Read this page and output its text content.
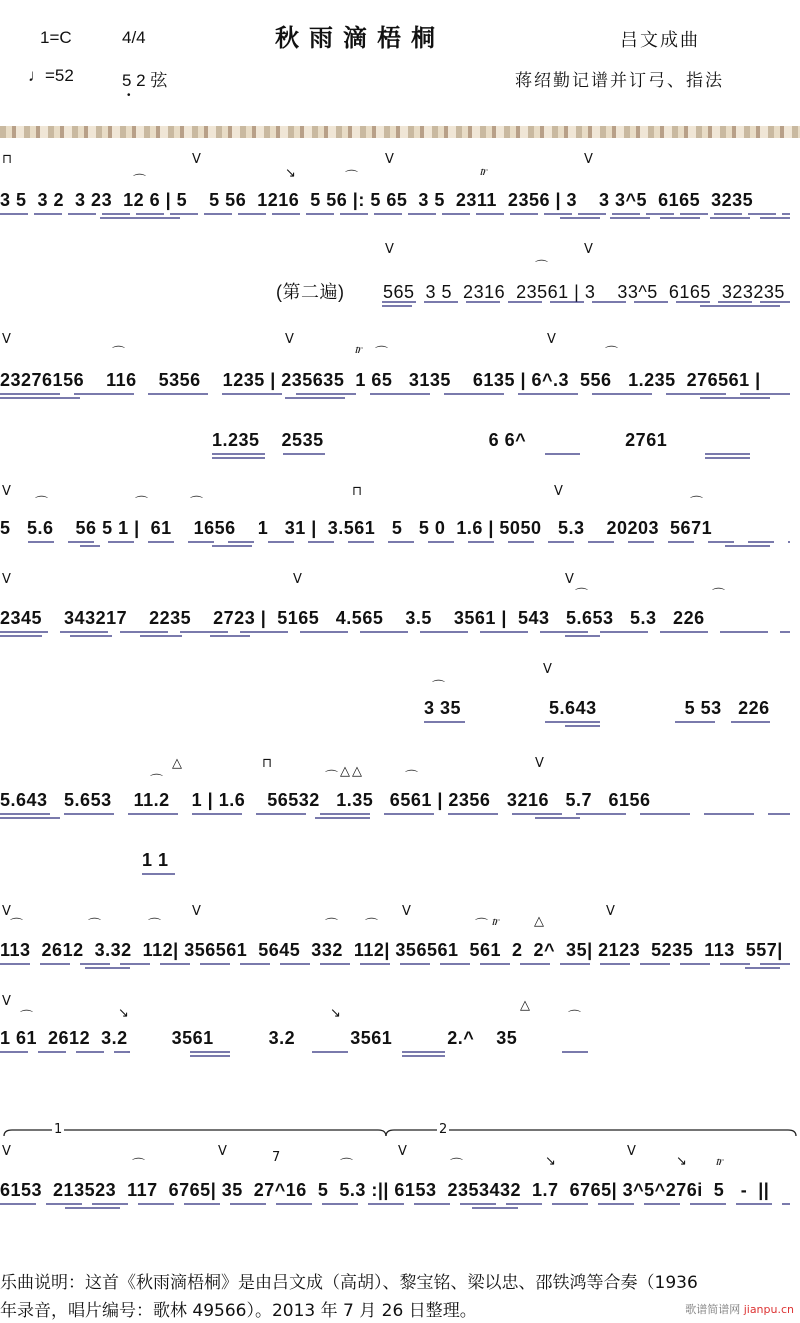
1=C	4/4	秋雨滴梧桐	吕文成曲
♩=52	5 2 弦
•
蒋绍勤记谱并订弓、指法
⊓
⌒
V
↘	⌒
V
𝆖
V
3 5  3 2  3 23  12 6 | 5    5 56  1216  5 56 |: 5 65  3 5  2311  2356 | 3    3 3^5  6165  3235
V
⌒
V
(第二遍)       565  3 5  2316  23561 | 3    33^5  6165  323235
V
⌒
V
𝆖 ⌒
V
⌒
23276156    116    5356    1235 | 235635  1 65   3135    6135 | 6^.3  556   1.235  276561 |
1.235    2535                              6 6^                  2761
V
⌒	⌒	⌒
⊓	V
⌒
5   5.6    56 5 1 |  61    1656    1   31 |  3.561   5   5 0  1.6 | 5050   5.3    20203  5671
V	V	V
⌒	⌒
2345    343217    2235    2723 |  5165   4.565    3.5    3561 |  543   5.653   5.3   226
⌒
V
3 35                5.643                5 53   226
⌒
△	⊓
⌒ △ △	⌒
V
5.643   5.653    11.2    1 | 1.6    56532   1.35   6561 | 2356   3216   5.7   6156
1 1
V
⌒	⌒	⌒
V
⌒ ⌒
V
⌒ 𝆖	△
V
113  2612  3.32  112| 356561  5645  332  112| 356561  561  2  2^  35| 2123  5235  113  557|
V
⌒	↘	↘
△
⌒
1 61  2612  3.2        3561          3.2          3561          2.^    35
1	2
V
⌒
V	7
⌒
V
⌒	↘
V
↘ 𝆖
6153  213523  117  6765| 35  27^16  5  5.3 :|| 6153  2353432  1.7  6765| 3^5^276i  5   -  ||
乐曲说明：这首《秋雨滴梧桐》是由吕文成（高胡）、黎宝铭、梁以忠、邵铁鸿等合奏（1936
年录音，唱片编号：歌林 49566）。2013 年 7 月 26 日整理。	歌谱简谱网 jianpu.cn
